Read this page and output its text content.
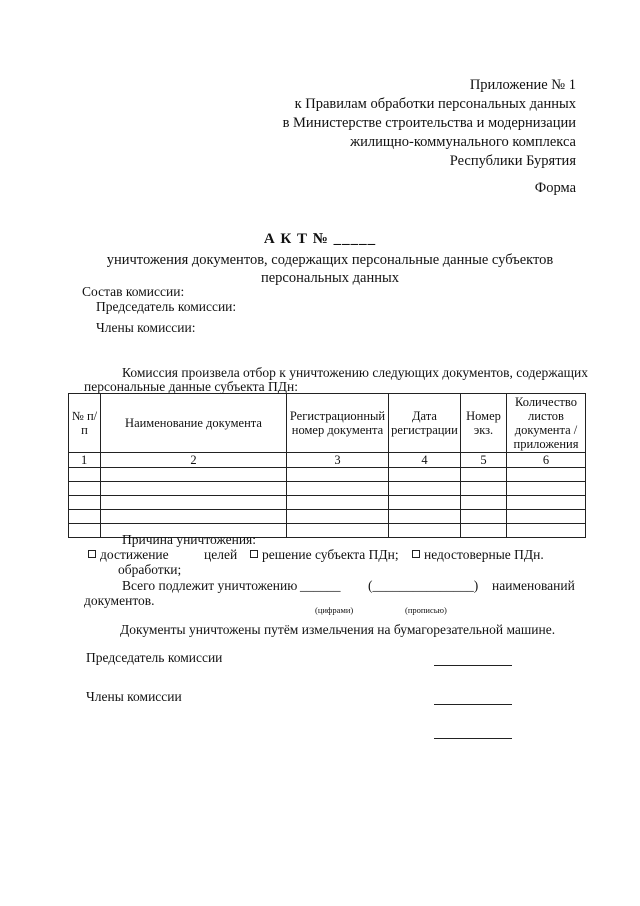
Приложение № 1
к Правилам обработки персональных данных
в Министерстве строительства и модернизации
жилищно-коммунального комплекса
Республики Бурятия
Форма
А К Т № _____
уничтожения документов, содержащих персональные данные субъектов персональных данных
Состав комиссии:
Председатель комиссии:
Члены комиссии:
Комиссия произвела отбор к уничтожению следующих документов, содержащих
персональные данные субъекта ПДн:
№ п/п	Наименование документа	Регистрационный номер документа	Дата регистрации	Номер экз.	Количество листов документа /приложения
1	2	3	4	5	6

Причина уничтожения:
достижение	целей
обработки;
решение субъекта ПДн;	недостоверные ПДн.
Всего подлежит уничтожению ______ (_______________) наименований
документов.
(цифрами)	(прописью)
Документы уничтожены путём измельчения на бумагорезательной машине.
Председатель комиссии
Члены комиссии
